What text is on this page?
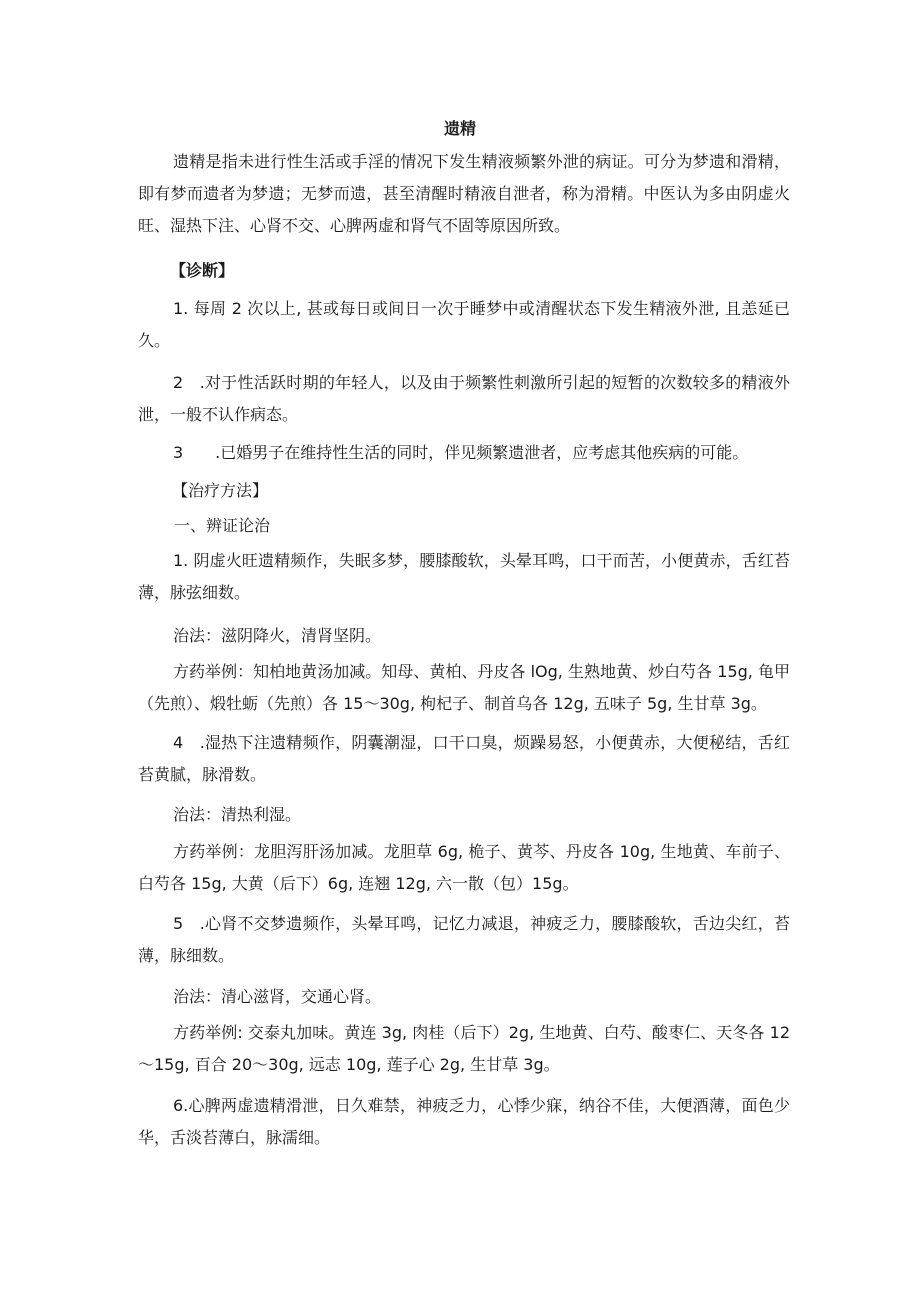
遗精

遗精是指未进行性生活或手淫的情况下发生精液频繁外泄的病证。可分为梦遗和滑精，即有梦而遗者为梦遗；无梦而遗，甚至清醒时精液自泄者，称为滑精。中医认为多由阴虚火旺、湿热下注、心肾不交、心脾两虚和肾气不固等原因所致。

【诊断】

1. 每周 2 次以上, 甚或每日或间日一次于睡梦中或清醒状态下发生精液外泄, 且恙延已久。

2　.对于性活跃时期的年轻人，以及由于频繁性刺激所引起的短暂的次数较多的精液外泄，一般不认作病态。

3　　.已婚男子在维持性生活的同时，伴见频繁遗泄者，应考虑其他疾病的可能。

【治疗方法】

一、辨证论治

1. 阴虚火旺遗精频作，失眠多梦，腰膝酸软，头晕耳鸣，口干而苦，小便黄赤，舌红苔薄，脉弦细数。

治法：滋阴降火，清肾坚阴。

方药举例：知柏地黄汤加减。知母、黄柏、丹皮各 lOg, 生熟地黄、炒白芍各 15g, 龟甲（先煎）、煅牡蛎（先煎）各 15～30g, 枸杞子、制首乌各 12g, 五味子 5g, 生甘草 3g。

4　.湿热下注遗精频作，阴囊潮湿，口干口臭，烦躁易怒，小便黄赤，大便秘结，舌红苔黄腻，脉滑数。

治法：清热利湿。

方药举例：龙胆泻肝汤加减。龙胆草 6g, 桅子、黄芩、丹皮各 10g, 生地黄、车前子、白芍各 15g, 大黄（后下）6g, 连翘 12g, 六一散（包）15g。

5　.心肾不交梦遗频作，头晕耳鸣，记忆力减退，神疲乏力，腰膝酸软，舌边尖红，苔薄，脉细数。

治法：清心滋肾，交通心肾。

方药举例: 交泰丸加味。黄连 3g, 肉桂（后下）2g, 生地黄、白芍、酸枣仁、天冬各 12～15g, 百合 20～30g, 远志 10g, 莲子心 2g, 生甘草 3g。

6.心脾两虚遗精滑泄，日久难禁，神疲乏力，心悸少寐，纳谷不佳，大便酒薄，面色少华，舌淡苔薄白，脉濡细。
